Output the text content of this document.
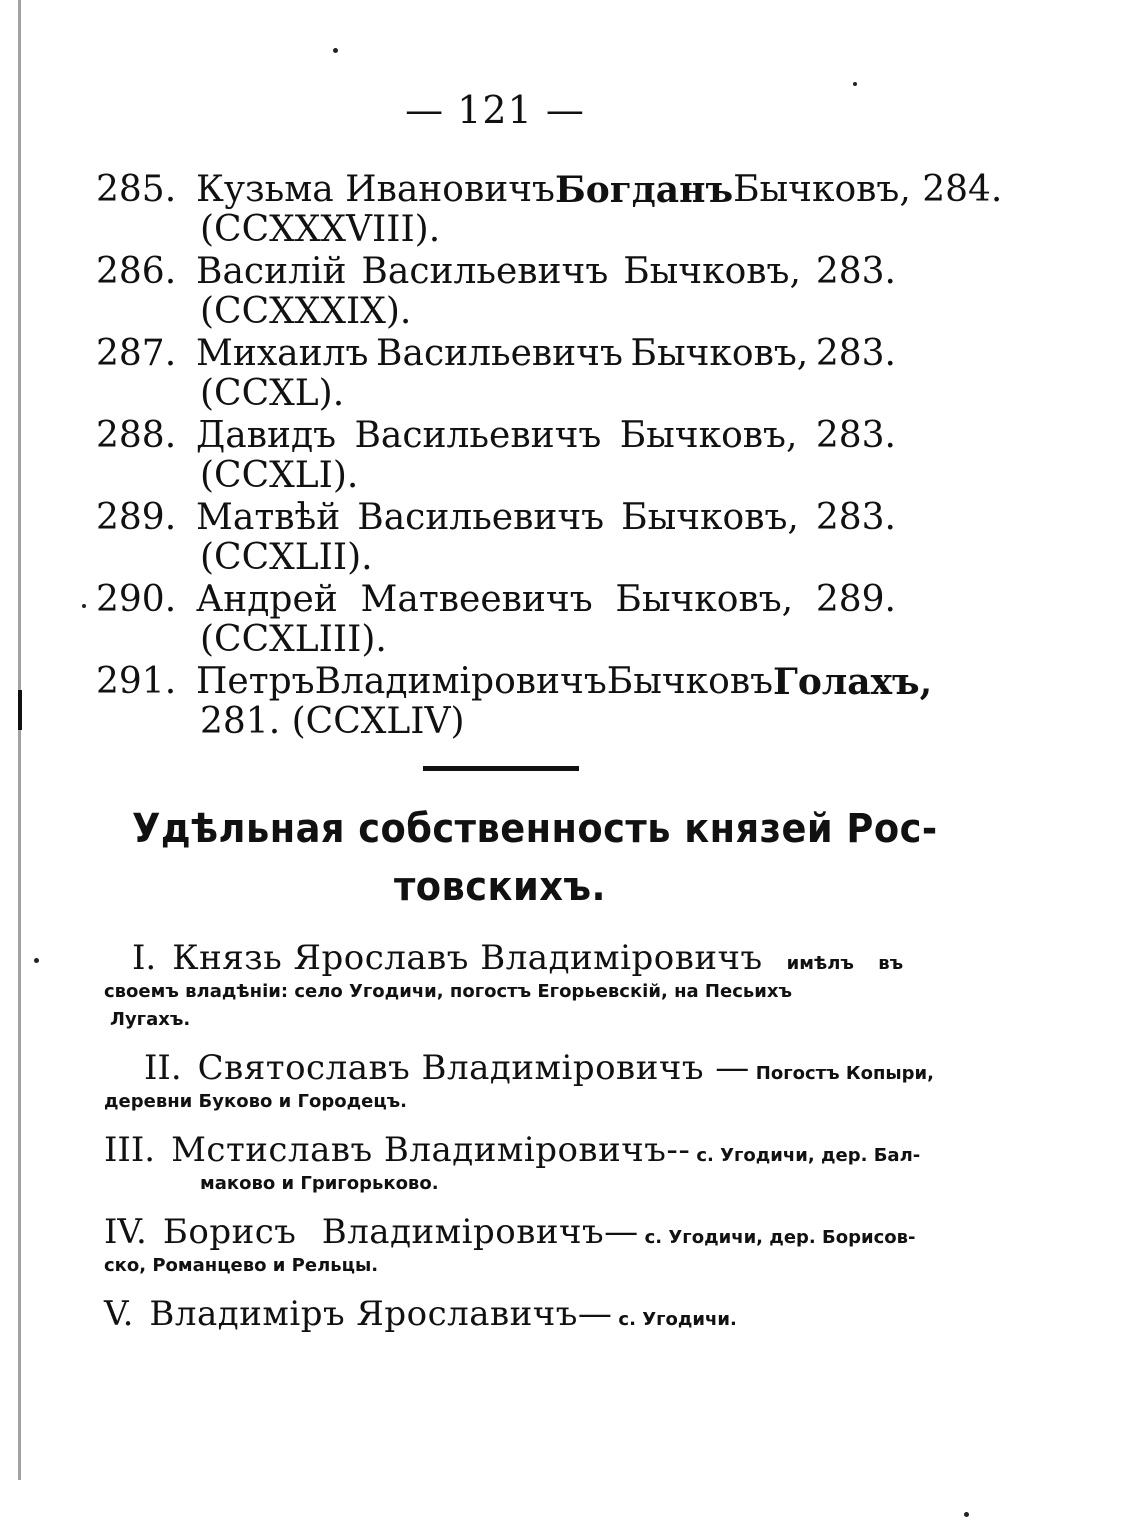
— 121 —
285. Кузьма Ивановичъ Богданъ Бычковъ, 284.
(CCXXXVIII).
286. Василій Васильевичъ Бычковъ, 283.
(CCXXXIX).
287. Михаилъ Васильевичъ Бычковъ, 283.
(CCXL).
288. Давидъ Васильевичъ Бычковъ, 283.
(CCXLI).
289. Матвѣй Васильевичъ Бычковъ, 283.
(CCXLII).
290. Андрей Матвеевичъ Бычковъ, 289.
(CCXLIII).
291. Петръ Владиміровичъ Бычковъ Голахъ,
281. (CCXLIV)
Удѣльная собственность князей Рос-
товскихъ.
I. Князь Ярославъ Владиміровичъ имѣлъ въ
своемъ владѣніи: село Угодичи, погостъ Егорьевскій, на Песьихъ
Лугахъ.
II. Святославъ Владиміровичъ — Погостъ Копыри,
деревни Буково и Городецъ.
III. Мстиславъ Владиміровичъ-- с. Угодичи, дер. Бал-
маково и Григорьково.
IV. Борисъ Владиміровичъ— с. Угодичи, дер. Борисов-
ско, Романцево и Рельцы.
V. Владиміръ Ярославичъ— с. Угодичи.
